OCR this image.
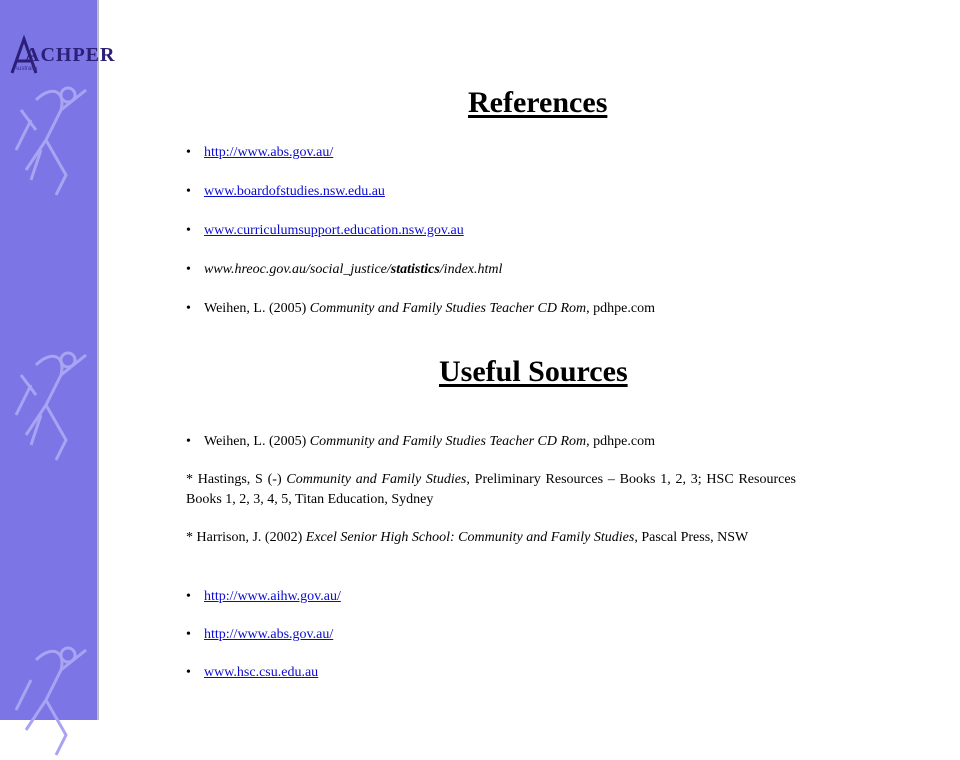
ACHPER
Australia
References
• http://www.abs.gov.au/
• www.boardofstudies.nsw.edu.au
• www.curriculumsupport.education.nsw.gov.au
• www.hreoc.gov.au/social_justice/statistics/index.html
• Weihen, L. (2005) Community and Family Studies Teacher CD Rom, pdhpe.com
Useful Sources
• Weihen, L. (2005) Community and Family Studies Teacher CD Rom, pdhpe.com
* Hastings, S (-) Community and Family Studies, Preliminary Resources – Books 1, 2, 3; HSC Resources Books 1, 2, 3, 4, 5, Titan Education, Sydney
* Harrison, J. (2002) Excel Senior High School: Community and Family Studies, Pascal Press, NSW
• http://www.aihw.gov.au/
• http://www.abs.gov.au/
• www.hsc.csu.edu.au
